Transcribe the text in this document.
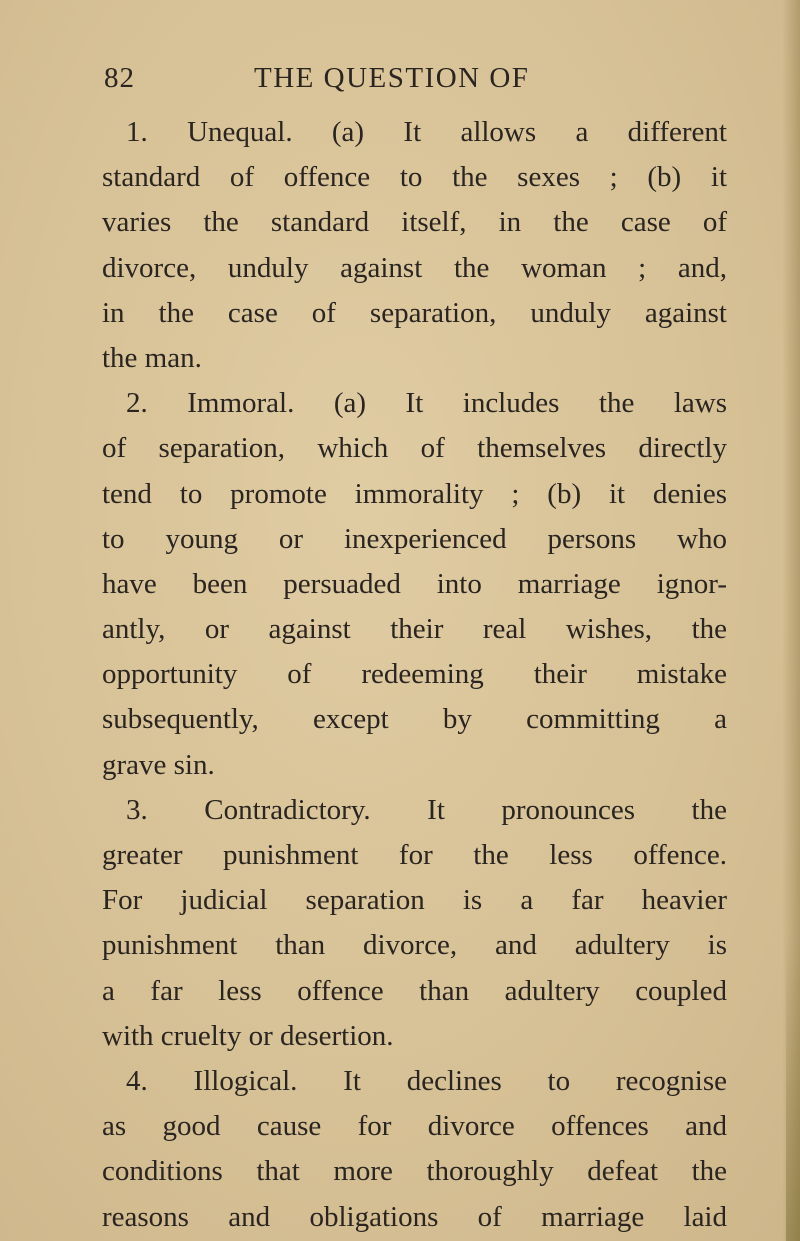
82	THE QUESTION OF
1. Unequal. (a) It allows a different
standard of offence to the sexes ; (b) it
varies the standard itself, in the case of
divorce, unduly against the woman ; and,
in the case of separation, unduly against
the man.
2. Immoral. (a) It includes the laws
of separation, which of themselves directly
tend to promote immorality ; (b) it denies
to young or inexperienced persons who
have been persuaded into marriage ignor-
antly, or against their real wishes, the
opportunity of redeeming their mistake
subsequently, except by committing a
grave sin.
3. Contradictory. It pronounces the
greater punishment for the less offence.
For judicial separation is a far heavier
punishment than divorce, and adultery is
a far less offence than adultery coupled
with cruelty or desertion.
4. Illogical. It declines to recognise
as good cause for divorce offences and
conditions that more thoroughly defeat the
reasons and obligations of marriage laid
